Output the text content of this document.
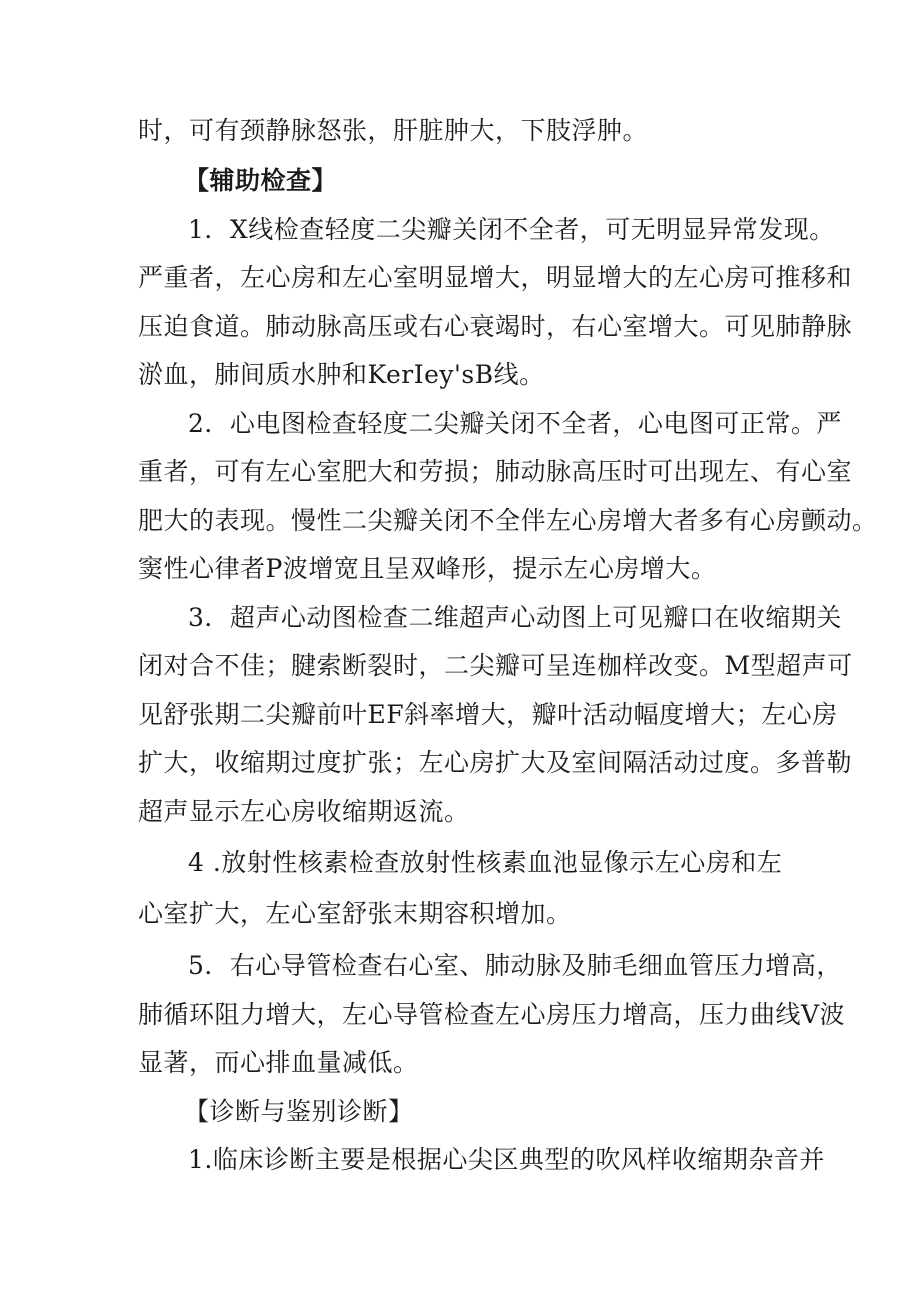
时，可有颈静脉怒张，肝脏肿大，下肢浮肿。
【辅助检查】
1．X线检查轻度二尖瓣关闭不全者，可无明显异常发现。
严重者，左心房和左心室明显增大，明显增大的左心房可推移和
压迫食道。肺动脉高压或右心衰竭时，右心室增大。可见肺静脉
淤血，肺间质水肿和KerIey'sB线。
2．心电图检查轻度二尖瓣关闭不全者，心电图可正常。严
重者，可有左心室肥大和劳损；肺动脉高压时可出现左、有心室
肥大的表现。慢性二尖瓣关闭不全伴左心房增大者多有心房颤动。
窦性心律者P波增宽且呈双峰形，提示左心房增大。
3．超声心动图检查二维超声心动图上可见瓣口在收缩期关
闭对合不佳；腱索断裂时，二尖瓣可呈连枷样改变。M型超声可
见舒张期二尖瓣前叶EF斜率增大，瓣叶活动幅度增大；左心房
扩大，收缩期过度扩张；左心房扩大及室间隔活动过度。多普勒
超声显示左心房收缩期返流。
4 .放射性核素检查放射性核素血池显像示左心房和左
心室扩大，左心室舒张末期容积增加。
5．右心导管检查右心室、肺动脉及肺毛细血管压力增高，
肺循环阻力增大，左心导管检查左心房压力增高，压力曲线V波
显著，而心排血量减低。
【诊断与鉴别诊断】
1.临床诊断主要是根据心尖区典型的吹风样收缩期杂音并
